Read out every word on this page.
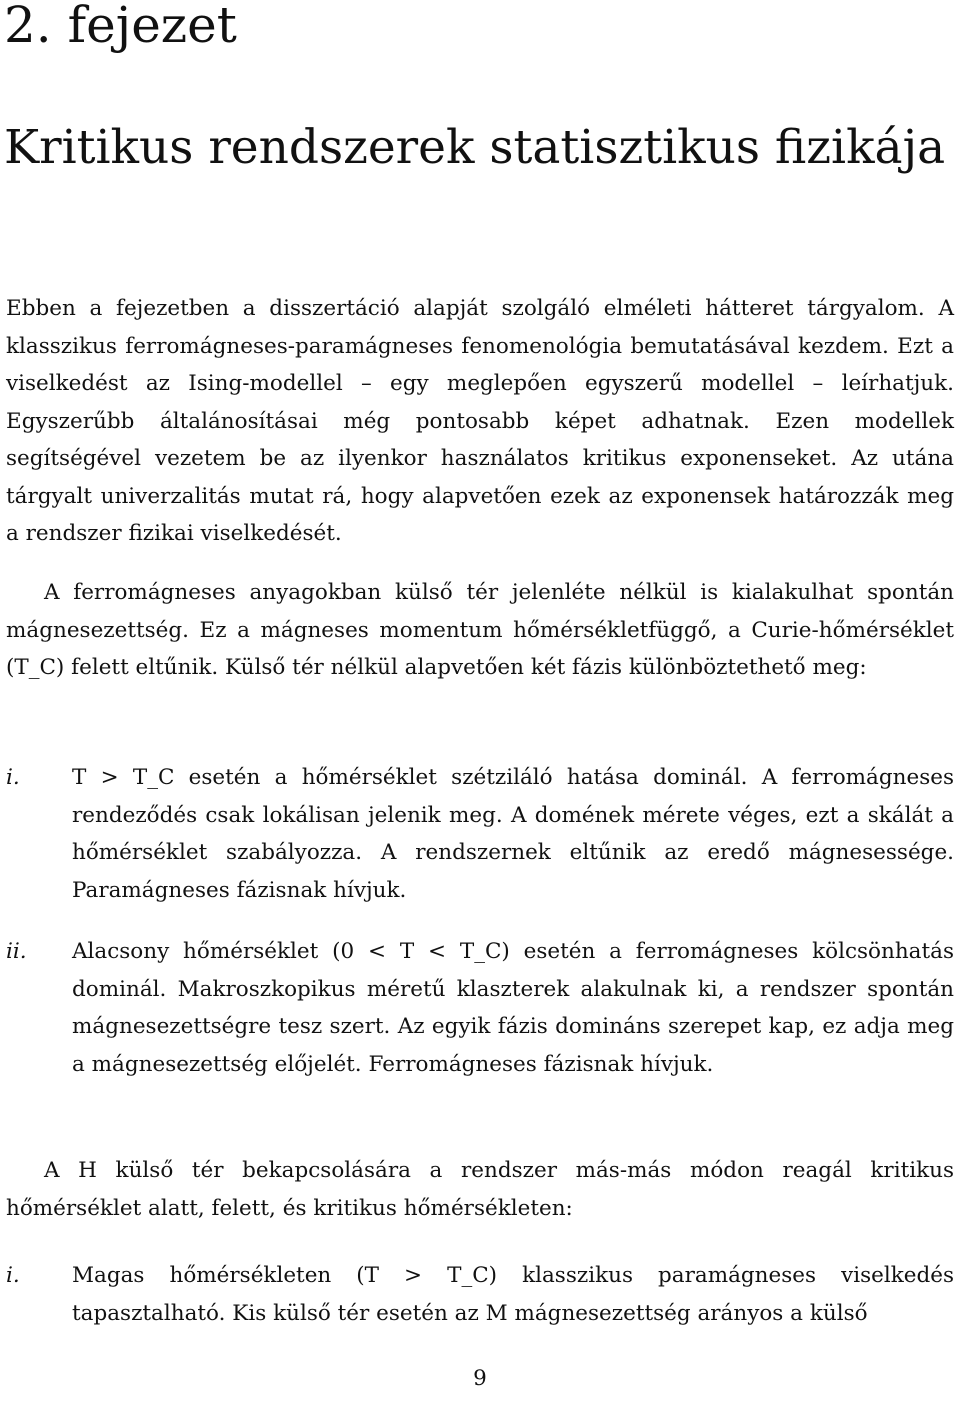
2. fejezet
Kritikus rendszerek statisztikus fizikája

Ebben a fejezetben a disszertáció alapját szolgáló elméleti hátteret tárgyalom. A klasszikus ferromágneses-paramágneses fenomenológia bemutatásával kezdem. Ezt a viselkedést az Ising-modellel – egy meglepően egyszerű modellel – leírhatjuk. Egyszerűbb általánosításai még pontosabb képet adhatnak. Ezen modellek segítségével vezetem be az ilyenkor használatos kritikus exponenseket. Az utána tárgyalt univerzalitás mutat rá, hogy alapvetően ezek az exponensek határozzák meg a rendszer fizikai viselkedését.

A ferromágneses anyagokban külső tér jelenléte nélkül is kialakulhat spontán mágnesezettség. Ez a mágneses momentum hőmérsékletfüggő, a Curie-hőmérséklet (T_C) felett eltűnik. Külső tér nélkül alapvetően két fázis különböztethető meg:

i. T > T_C esetén a hőmérséklet szétziláló hatása dominál. A ferromágneses rendeződés csak lokálisan jelenik meg. A domének mérete véges, ezt a skálát a hőmérséklet szabályozza. A rendszernek eltűnik az eredő mágnesessége. Paramágneses fázisnak hívjuk.
ii. Alacsony hőmérséklet (0 < T < T_C) esetén a ferromágneses kölcsönhatás dominál. Makroszkopikus méretű klaszterek alakulnak ki, a rendszer spontán mágnesezettségre tesz szert. Az egyik fázis domináns szerepet kap, ez adja meg a mágnesezettség előjelét. Ferromágneses fázisnak hívjuk.

A H külső tér bekapcsolására a rendszer más-más módon reagál kritikus hőmérséklet alatt, felett, és kritikus hőmérsékleten:

i. Magas hőmérsékleten (T > T_C) klasszikus paramágneses viselkedés tapasztalható. Kis külső tér esetén az M mágnesezettség arányos a külső

9
